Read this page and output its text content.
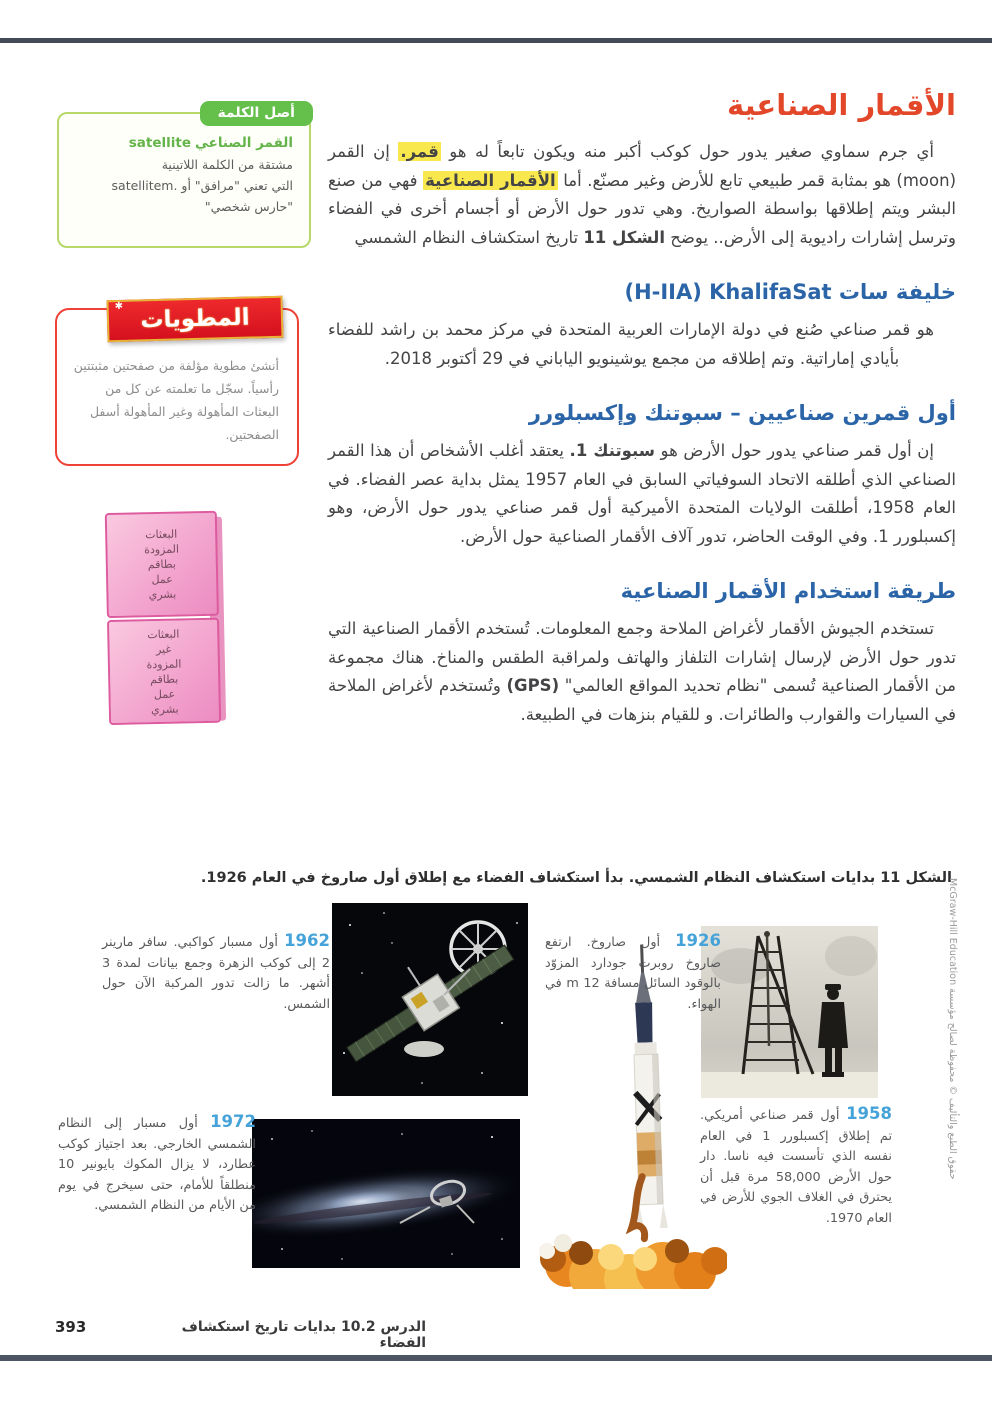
أصل الكلمة
القمر الصناعي satellite
مشتقة من الكلمة اللاتينية
satellitem. التي تعني "مرافق" أو
"حارس شخصي"
✱ المطويات
أنشئ مطوية مؤلفة من صفحتين مثبتتين رأسياً. سجّل ما تعلمته عن كل من البعثات المأهولة وغير المأهولة أسفل الصفحتين.
البعثات
المزودة
بطاقم
عمل
بشري
البعثات
غير
المزودة
بطاقم
عمل
بشري
الأقمار الصناعية

أي جرم سماوي صغير يدور حول كوكب أكبر منه ويكون تابعاً له هو قمر. إن القمر (moon) هو بمثابة قمر طبيعي تابع للأرض وغير مصنّع. أما الأقمار الصناعية فهي من صنع البشر ويتم إطلاقها بواسطة الصواريخ. وهي تدور حول الأرض أو أجسام أخرى في الفضاء وترسل إشارات راديوية إلى الأرض.. يوضح الشكل 11 تاريخ استكشاف النظام الشمسي

خليفة سات KhalifaSat (H-IIA)

هو قمر صناعي صُنع في دولة الإمارات العربية المتحدة في مركز محمد بن راشد للفضاء بأيادي إماراتية. وتم إطلاقه من مجمع يوشينويو الياباني في 29 أكتوبر 2018.

أول قمرين صناعيين – سبوتنك وإكسبلورر

إن أول قمر صناعي يدور حول الأرض هو سبوتنك 1. يعتقد أغلب الأشخاص أن هذا القمر الصناعي الذي أطلقه الاتحاد السوفياتي السابق في العام 1957 يمثل بداية عصر الفضاء. في العام 1958، أطلقت الولايات المتحدة الأميركية أول قمر صناعي يدور حول الأرض، وهو إكسبلورر 1. وفي الوقت الحاضر، تدور آلاف الأقمار الصناعية حول الأرض.

طريقة استخدام الأقمار الصناعية

تستخدم الجيوش الأقمار لأغراض الملاحة وجمع المعلومات. تُستخدم الأقمار الصناعية التي تدور حول الأرض لإرسال إشارات التلفاز والهاتف ولمراقبة الطقس والمناخ. هناك مجموعة من الأقمار الصناعية تُسمى "نظام تحديد المواقع العالمي" (GPS) وتُستخدم لأغراض الملاحة في السيارات والقوارب والطائرات. و للقيام بنزهات في الطبيعة.

الشكل 11 بدايات استكشاف النظام الشمسي. بدأ استكشاف الفضاء مع إطلاق أول صاروخ في العام 1926.
1926 أول صاروخ. ارتفع صاروخ روبرت جودارد المزوّد بالوقود السائل مسافة 12 m في الهواء.
1962 أول مسبار كواكبي. سافر مارينر 2 إلى كوكب الزهرة وجمع بيانات لمدة 3 أشهر. ما زالت تدور المركبة الآن حول الشمس.
1958 أول قمر صناعي أمريكي. تم إطلاق إكسبلورر 1 في العام نفسه الذي تأسست فيه ناسا. دار حول الأرض 58,000 مرة قبل أن يحترق في الغلاف الجوي للأرض في العام 1970.
1972 أول مسبار إلى النظام الشمسي الخارجي. بعد اجتياز كوكب عطارد، لا يزال المكوك بايونير 10 منطلقاً للأمام، حتى سيخرج في يوم من الأيام من النظام الشمسي.
393	الدرس 10.2 بدايات تاريخ استكشاف الفضاء
حقوق الطبع والتأليف © محفوظة لصالح مؤسسة McGraw-Hill Education
